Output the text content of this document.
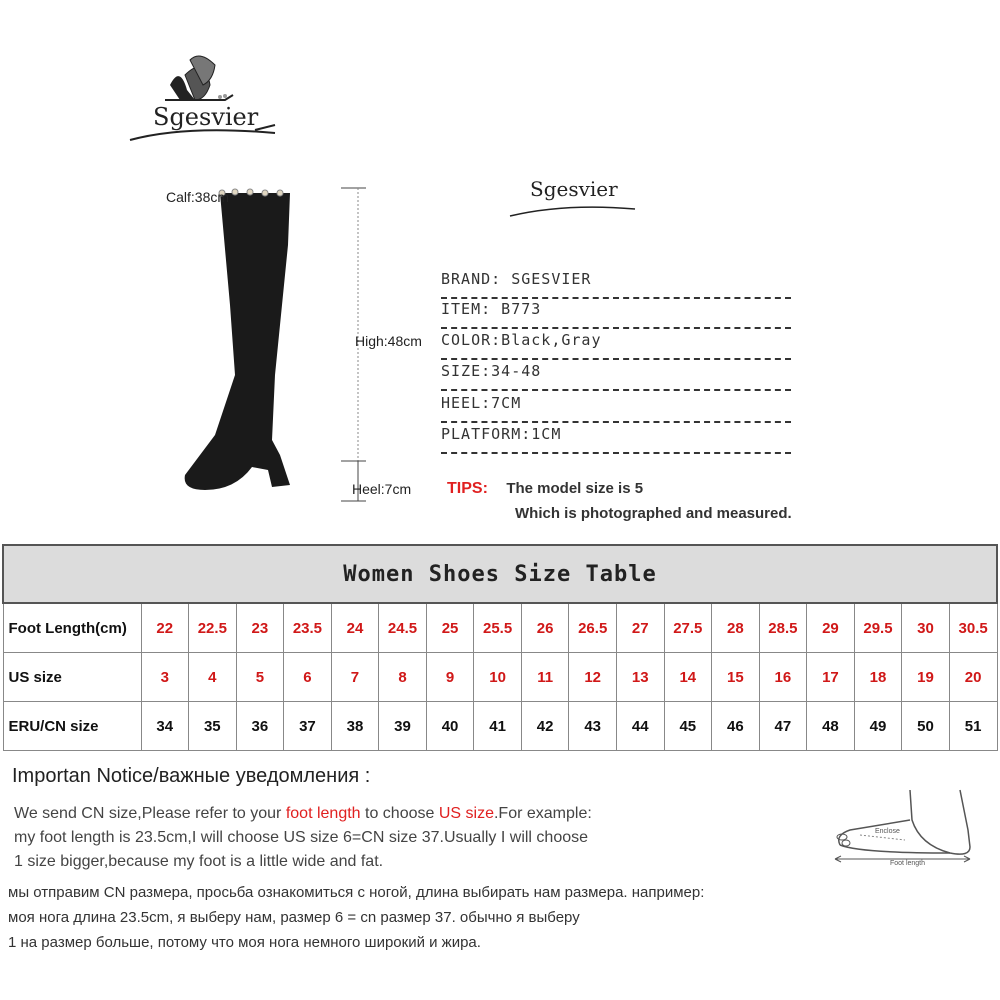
Sgesvier
Calf:38cm
High:48cm
Heel:7cm
Sgesvier
BRAND: SGESVIER
ITEM: B773
COLOR:Black,Gray
SIZE:34-48
HEEL:7CM
PLATFORM:1CM
TIPS: The model size is 5
Which is photographed and measured.
Women Shoes Size Table																		
Foot Length(cm)	22	22.5	23	23.5	24	24.5	25	25.5	26	26.5	27	27.5	28	28.5	29	29.5	30	30.5
US size	3	4	5	6	7	8	9	10	11	12	13	14	15	16	17	18	19	20
ERU/CN size	34	35	36	37	38	39	40	41	42	43	44	45	46	47	48	49	50	51
Importan Notice/важные уведомления :
We send CN size,Please refer to your foot length to choose US size.For example:
my foot length is 23.5cm,I will choose US size 6=CN size 37.Usually I will choose
1 size bigger,because my foot is a little wide and fat.
мы отправим CN размера, просьба ознакомиться с ногой, длина выбирать нам размера. например:
моя нога длина 23.5cm, я выберу нам, размер 6 = cn размер 37. обычно я выберу
1 на размер больше, потому что моя нога немного широкий и жира.
Enclose
Foot length
